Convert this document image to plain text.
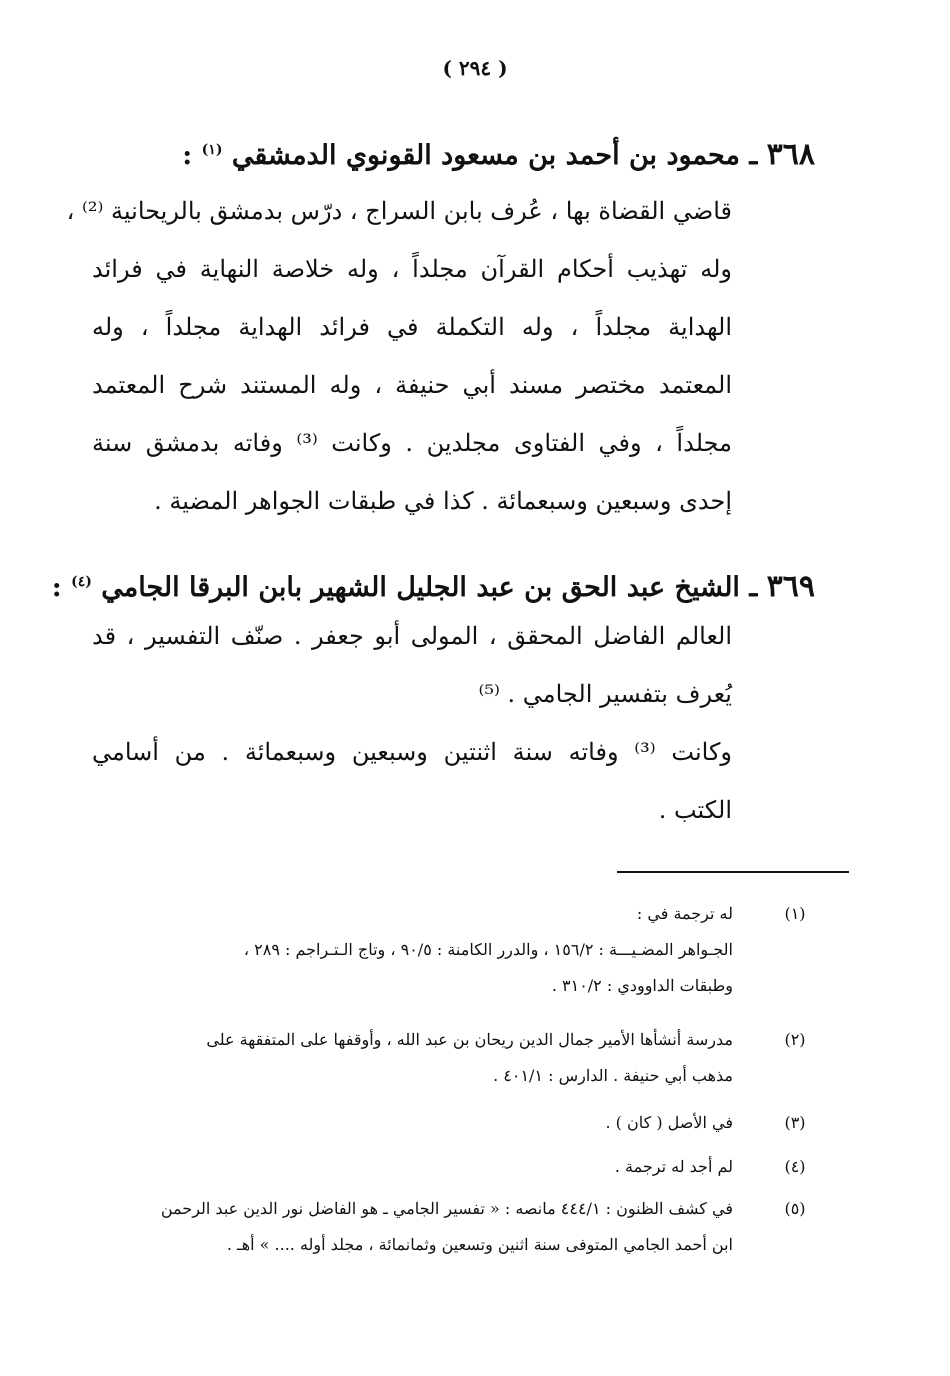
( ٢٩٤ )
٣٦٨ ـ محمود بن أحمد بن مسعود القونوي الدمشقي $^{(١)}$ :
قاضي القضاة بها ، عُرف بابن السراج ، درّس بدمشق بالريحانية ⁽²⁾ ،
وله تهذيب أحكام القرآن مجلداً ، وله خلاصة النهاية في فرائد
الهداية مجلداً ، وله التكملة في فرائد الهداية مجلداً ، وله
المعتمد مختصر مسند أبي حنيفة ، وله المستند شرح المعتمد
مجلداً ، وفي الفتاوى مجلدين . وكانت ⁽³⁾ وفاته بدمشق سنة
إحدى وسبعين وسبعمائة . كذا في طبقات الجواهر المضية .
٣٦٩ ـ الشيخ عبد الحق بن عبد الجليل الشهير بابن البرقا الجامي $^{(٤)}$ :
العالم الفاضل المحقق ، المولى أبو جعفر . صنّف التفسير ، قد
يُعرف بتفسير الجامي . ⁽⁵⁾
وكانت ⁽³⁾ وفاته سنة اثنتين وسبعين وسبعمائة . من أسامي
الكتب .
(١)
له ترجمة في :
الجـواهر المضـيـــة : ١٥٦/٢ ، والدرر الكامنة : ٩٠/٥ ، وتاج الـتـراجم : ٢٨٩ ،
وطبقات الداوودي : ٣١٠/٢ .
(٢)
مدرسة أنشأها الأمير جمال الدين ريحان بن عبد الله ، وأوقفها على المتفقهة على
مذهب أبي حنيفة . الدارس : ٤٠١/١ .
(٣)
في الأصل ( كان ) .
(٤)
لم أجد له ترجمة .
(٥)
في كشف الظنون : ٤٤٤/١ مانصه : « تفسير الجامي ـ هو الفاضل نور الدين عبد الرحمن
ابن أحمد الجامي المتوفى سنة اثنين وتسعين وثمانمائة ، مجلد أوله .... » أهـ .
